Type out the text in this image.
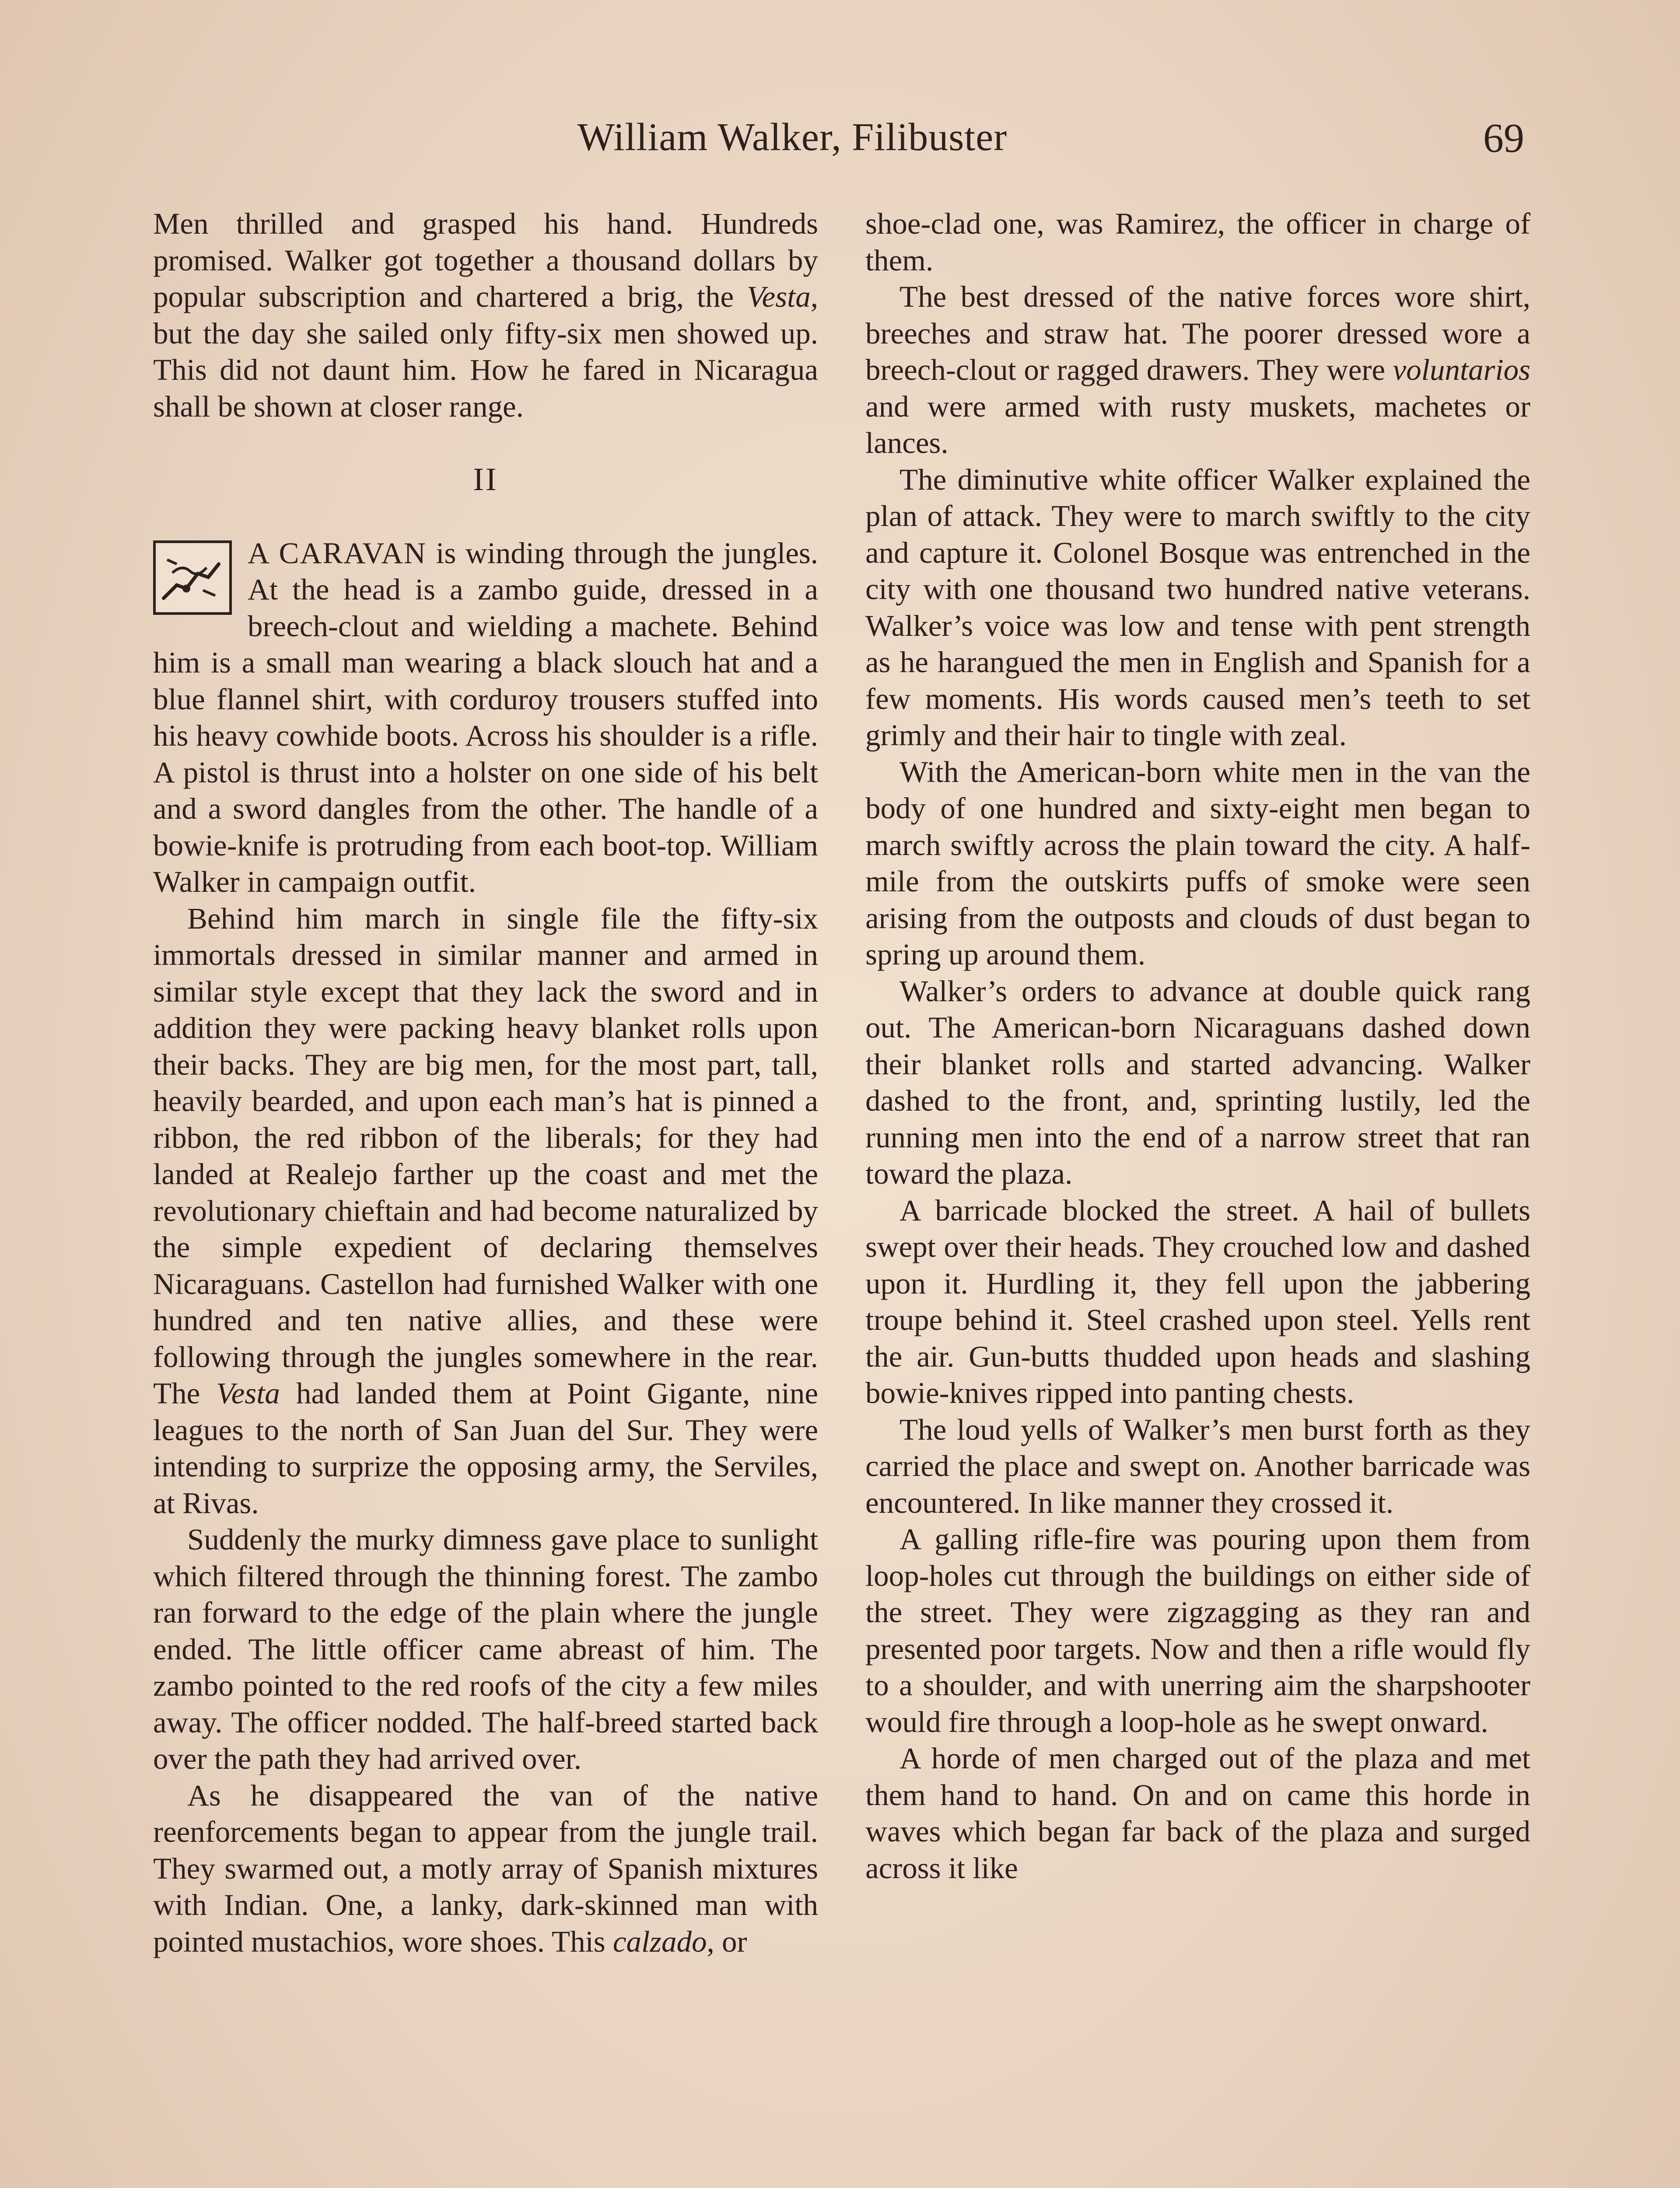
William Walker, Filibuster	69

Men thrilled and grasped his hand. Hundreds promised. Walker got together a thousand dollars by popular subscription and chartered a brig, the Vesta, but the day she sailed only fifty-six men showed up. This did not daunt him. How he fared in Nicaragua shall be shown at closer range.

II

A CARAVAN is winding through the jungles. At the head is a zambo guide, dressed in a breech-clout and wielding a machete. Behind him is a small man wearing a black slouch hat and a blue flannel shirt, with corduroy trousers stuffed into his heavy cowhide boots. Across his shoulder is a rifle. A pistol is thrust into a holster on one side of his belt and a sword dangles from the other. The handle of a bowie-knife is protruding from each boot-top. William Walker in campaign outfit.

Behind him march in single file the fifty-six immortals dressed in similar manner and armed in similar style except that they lack the sword and in addition they were packing heavy blanket rolls upon their backs. They are big men, for the most part, tall, heavily bearded, and upon each man’s hat is pinned a ribbon, the red ribbon of the liberals; for they had landed at Realejo farther up the coast and met the revolutionary chieftain and had become naturalized by the simple expedient of declaring themselves Nicaraguans. Castellon had furnished Walker with one hundred and ten native allies, and these were following through the jungles somewhere in the rear. The Vesta had landed them at Point Gigante, nine leagues to the north of San Juan del Sur. They were intending to surprize the opposing army, the Serviles, at Rivas.

Suddenly the murky dimness gave place to sunlight which filtered through the thinning forest. The zambo ran forward to the edge of the plain where the jungle ended. The little officer came abreast of him. The zambo pointed to the red roofs of the city a few miles away. The officer nodded. The half-breed started back over the path they had arrived over.

As he disappeared the van of the native reenforcements began to appear from the jungle trail. They swarmed out, a motly array of Spanish mixtures with Indian. One, a lanky, dark-skinned man with pointed mustachios, wore shoes. This calzado, or

shoe-clad one, was Ramirez, the officer in charge of them.

The best dressed of the native forces wore shirt, breeches and straw hat. The poorer dressed wore a breech-clout or ragged drawers. They were voluntarios and were armed with rusty muskets, machetes or lances.

The diminutive white officer Walker explained the plan of attack. They were to march swiftly to the city and capture it. Colonel Bosque was entrenched in the city with one thousand two hundred native veterans. Walker’s voice was low and tense with pent strength as he harangued the men in English and Spanish for a few moments. His words caused men’s teeth to set grimly and their hair to tingle with zeal.

With the American-born white men in the van the body of one hundred and sixty-eight men began to march swiftly across the plain toward the city. A half-mile from the outskirts puffs of smoke were seen arising from the outposts and clouds of dust began to spring up around them.

Walker’s orders to advance at double quick rang out. The American-born Nicaraguans dashed down their blanket rolls and started advancing. Walker dashed to the front, and, sprinting lustily, led the running men into the end of a narrow street that ran toward the plaza.

A barricade blocked the street. A hail of bullets swept over their heads. They crouched low and dashed upon it. Hurdling it, they fell upon the jabbering troupe behind it. Steel crashed upon steel. Yells rent the air. Gun-butts thudded upon heads and slashing bowie-knives ripped into panting chests.

The loud yells of Walker’s men burst forth as they carried the place and swept on. Another barricade was encountered. In like manner they crossed it.

A galling rifle-fire was pouring upon them from loop-holes cut through the buildings on either side of the street. They were zigzagging as they ran and presented poor targets. Now and then a rifle would fly to a shoulder, and with unerring aim the sharpshooter would fire through a loop-hole as he swept onward.

A horde of men charged out of the plaza and met them hand to hand. On and on came this horde in waves which began far back of the plaza and surged across it like
